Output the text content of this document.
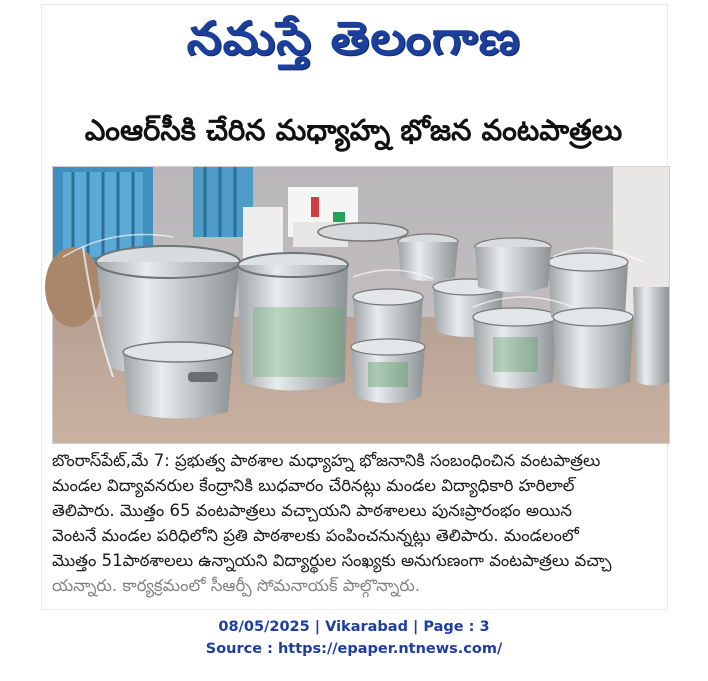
నమస్తే తెలంగాణ
ఎంఆర్‌సీకి చేరిన మధ్యాహ్న భోజన వంటపాత్రలు

బొంరాస్‌పేట్,మే 7: ప్రభుత్వ పాఠశాల మధ్యాహ్న భోజనానికి సంబంధించిన వంటపాత్రలు

మండల విద్యావనరుల కేంద్రానికి బుధవారం చేరినట్లు మండల విద్యాధికారి హరిలాల్

తెలిపారు. మొత్తం 65 వంటపాత్రలు వచ్చాయని పాఠశాలలు పునఃప్రారంభం అయిన

వెంటనే మండల పరిధిలోని ప్రతి పాఠశాలకు పంపించనున్నట్లు తెలిపారు. మండలంలో

మొత్తం 51పాఠశాలలు ఉన్నాయని విద్యార్థుల సంఖ్యకు అనుగుణంగా వంటపాత్రలు వచ్చా

యన్నారు. కార్యక్రమంలో సీఆర్పీ సోమనాయక్ పాల్గొన్నారు.

08/05/2025 | Vikarabad | Page : 3
Source : https://epaper.ntnews.com/
